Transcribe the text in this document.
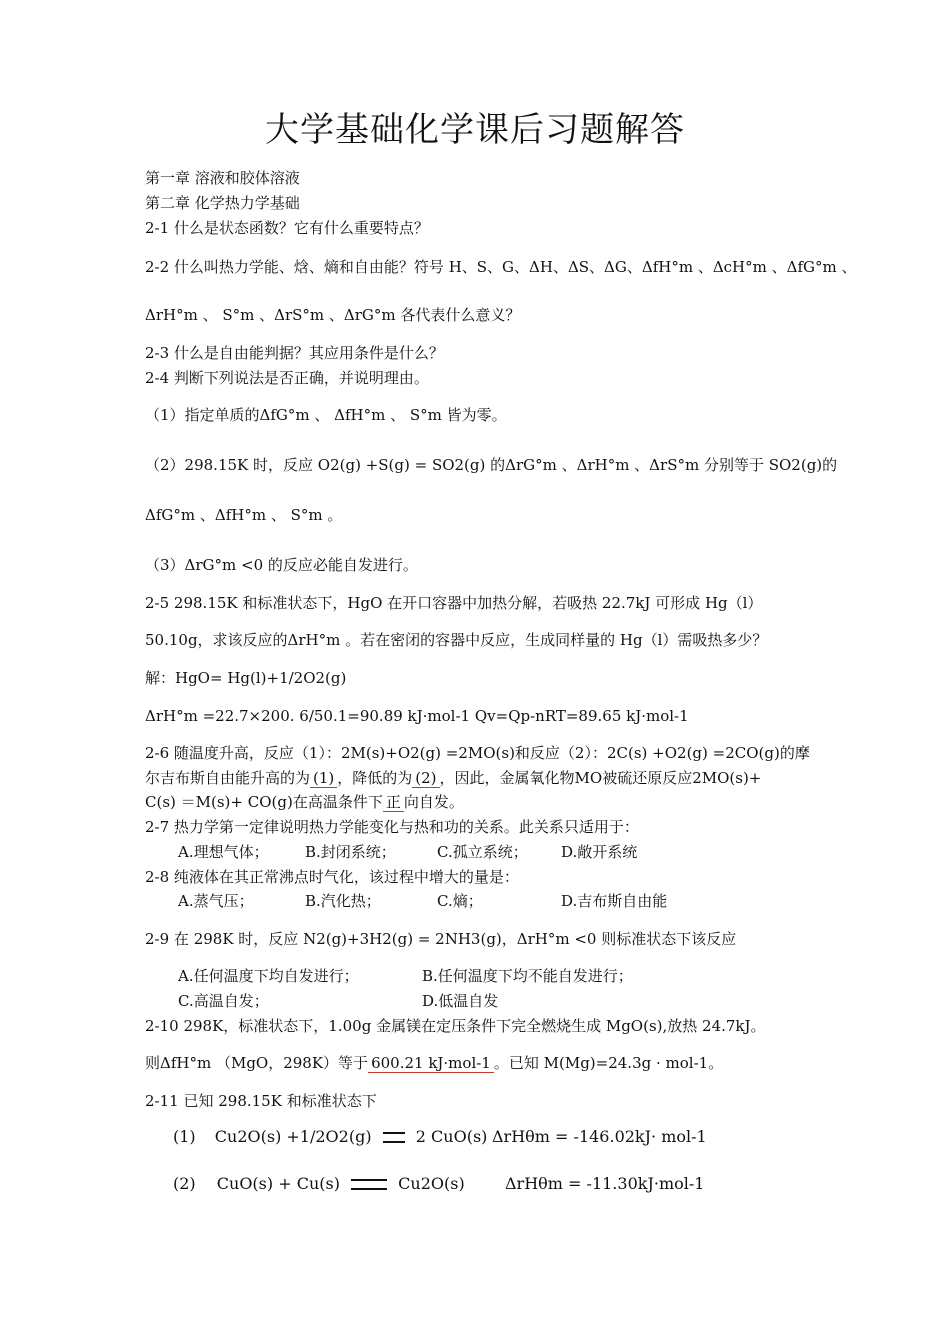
大学基础化学课后习题解答
第一章 溶液和胶体溶液
第二章 化学热力学基础
2-1 什么是状态函数？它有什么重要特点？
2-2 什么叫热力学能、焓、熵和自由能？符号 H、S、G、ΔH、ΔS、ΔG、ΔfH°m 、ΔcH°m 、ΔfG°m 、
ΔrH°m 、 S°m 、ΔrS°m 、ΔrG°m 各代表什么意义？
2-3 什么是自由能判据？其应用条件是什么？
2-4 判断下列说法是否正确，并说明理由。
（1）指定单质的ΔfG°m 、 ΔfH°m 、 S°m 皆为零。
（2）298.15K 时，反应 O2(g) +S(g) = SO2(g) 的ΔrG°m 、ΔrH°m 、ΔrS°m 分别等于 SO2(g)的
ΔfG°m 、ΔfH°m 、 S°m 。
（3）ΔrG°m <0 的反应必能自发进行。
2-5 298.15K 和标准状态下，HgO 在开口容器中加热分解，若吸热 22.7kJ 可形成 Hg（l）
50.10g，求该反应的ΔrH°m 。若在密闭的容器中反应，生成同样量的 Hg（l）需吸热多少？
解：HgO= Hg(l)+1/2O2(g)
ΔrH°m =22.7×200. 6/50.1=90.89 kJ·mol-1 Qv=Qp-nRT=89.65 kJ·mol-1
2-6 随温度升高，反应（1）：2M(s)+O2(g) =2MO(s)和反应（2）：2C(s) +O2(g) =2CO(g)的摩
尔吉布斯自由能升高的为 (1) ，降低的为 (2) ，因此，金属氧化物MO被硫还原反应2MO(s)+
C(s) ＝M(s)+ CO(g)在高温条件下 正 向自发。
2-7 热力学第一定律说明热力学能变化与热和功的关系。此关系只适用于：
A.理想气体； B.封闭系统；	C.孤立系统； D.敞开系统
2-8 纯液体在其正常沸点时气化，该过程中增大的量是：
A.蒸气压；	B.汽化热；	C.熵；	D.吉布斯自由能
2-9 在 298K 时，反应 N2(g)+3H2(g) = 2NH3(g)，ΔrH°m <0 则标准状态下该反应
A.任何温度下均自发进行；	B.任何温度下均不能自发进行；
C.高温自发；	D.低温自发
2-10 298K，标准状态下，1.00g 金属镁在定压条件下完全燃烧生成 MgO(s),放热 24.7kJ。
则ΔfH°m （MgO，298K）等于 600.21 kJ·mol-1 。已知 M(Mg)=24.3g · mol-1。
2-11 已知 298.15K 和标准状态下
(1) Cu2O(s) +1/2O2(g)	2 CuO(s) ΔrHθm = -146.02kJ· mol-1
(2) CuO(s) + Cu(s)	Cu2O(s)	ΔrHθm = -11.30kJ·mol-1
